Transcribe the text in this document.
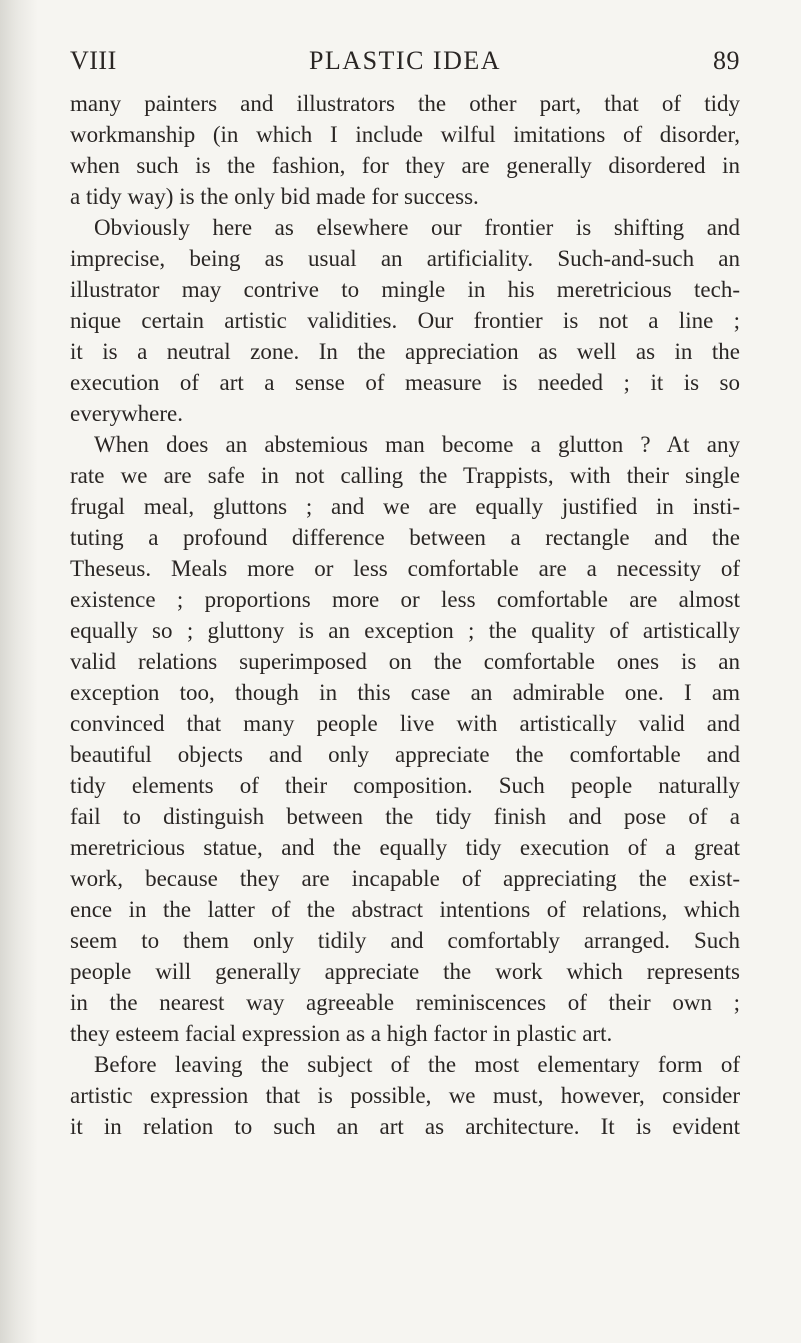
VIII	PLASTIC IDEA	89
many painters and illustrators the other part, that of tidy
workmanship (in which I include wilful imitations of disorder,
when such is the fashion, for they are generally disordered in
a tidy way) is the only bid made for success.
Obviously here as elsewhere our frontier is shifting and
imprecise, being as usual an artificiality. Such-and-such an
illustrator may contrive to mingle in his meretricious tech-
nique certain artistic validities. Our frontier is not a line ;
it is a neutral zone. In the appreciation as well as in the
execution of art a sense of measure is needed ; it is so
everywhere.
When does an abstemious man become a glutton ? At any
rate we are safe in not calling the Trappists, with their single
frugal meal, gluttons ; and we are equally justified in insti-
tuting a profound difference between a rectangle and the
Theseus. Meals more or less comfortable are a necessity of
existence ; proportions more or less comfortable are almost
equally so ; gluttony is an exception ; the quality of artistically
valid relations superimposed on the comfortable ones is an
exception too, though in this case an admirable one. I am
convinced that many people live with artistically valid and
beautiful objects and only appreciate the comfortable and
tidy elements of their composition. Such people naturally
fail to distinguish between the tidy finish and pose of a
meretricious statue, and the equally tidy execution of a great
work, because they are incapable of appreciating the exist-
ence in the latter of the abstract intentions of relations, which
seem to them only tidily and comfortably arranged. Such
people will generally appreciate the work which represents
in the nearest way agreeable reminiscences of their own ;
they esteem facial expression as a high factor in plastic art.
Before leaving the subject of the most elementary form of
artistic expression that is possible, we must, however, consider
it in relation to such an art as architecture. It is evident
